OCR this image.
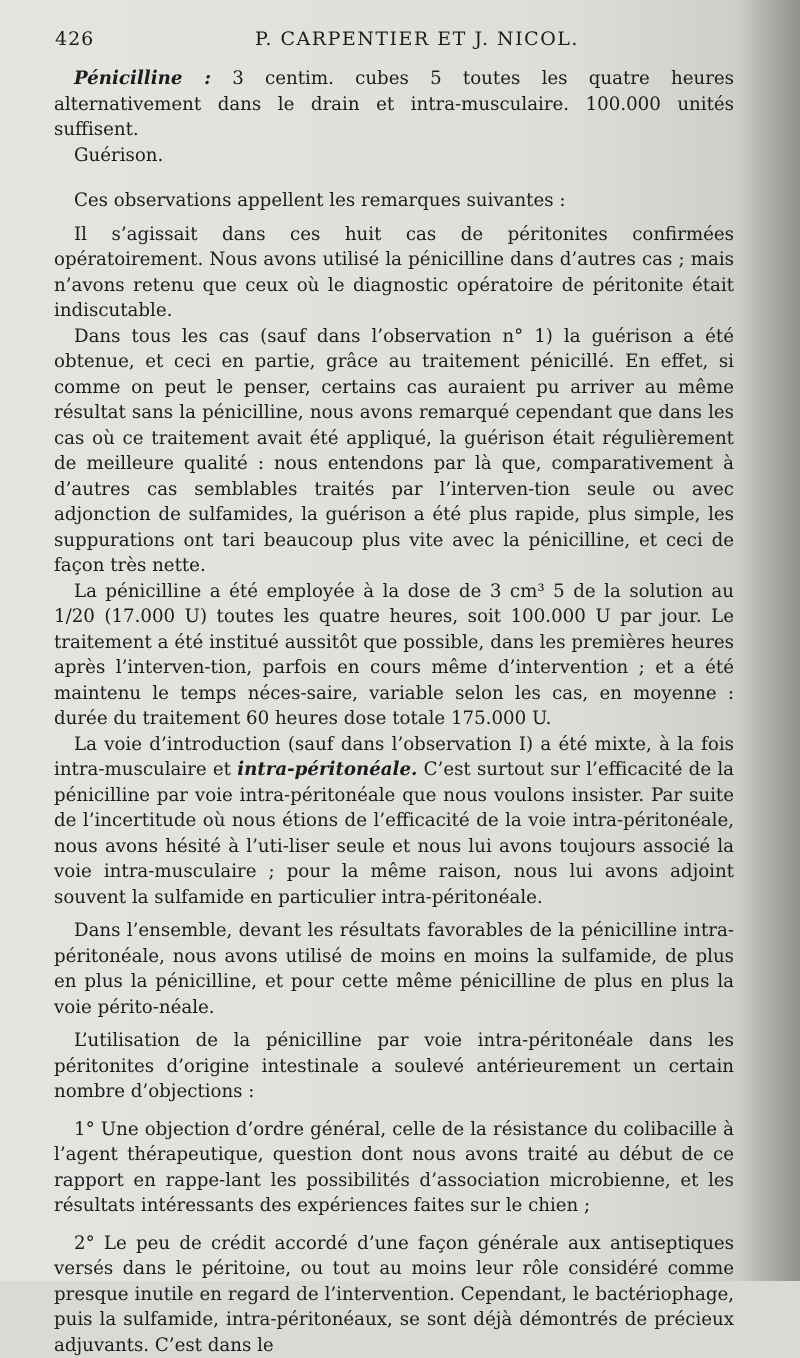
426	P. CARPENTIER ET J. NICOL.

Pénicilline : 3 centim. cubes 5 toutes les quatre heures alternativement dans le drain et intra-musculaire. 100.000 unités suffisent.

Guérison.

Ces observations appellent les remarques suivantes :

Il s’agissait dans ces huit cas de péritonites confirmées opératoirement. Nous avons utilisé la pénicilline dans d’autres cas ; mais n’avons retenu que ceux où le diagnostic opératoire de péritonite était indiscutable.

Dans tous les cas (sauf dans l’observation n° 1) la guérison a été obtenue, et ceci en partie, grâce au traitement pénicillé. En effet, si comme on peut le penser, certains cas auraient pu arriver au même résultat sans la pénicilline, nous avons remarqué cependant que dans les cas où ce traitement avait été appliqué, la guérison était régulièrement de meilleure qualité : nous entendons par là que, comparativement à d’autres cas semblables traités par l’interven-tion seule ou avec adjonction de sulfamides, la guérison a été plus rapide, plus simple, les suppurations ont tari beaucoup plus vite avec la pénicilline, et ceci de façon très nette.

La pénicilline a été employée à la dose de 3 cm³ 5 de la solution au 1/20 (17.000 U) toutes les quatre heures, soit 100.000 U par jour. Le traitement a été institué aussitôt que possible, dans les premières heures après l’interven-tion, parfois en cours même d’intervention ; et a été maintenu le temps néces-saire, variable selon les cas, en moyenne : durée du traitement 60 heures dose totale 175.000 U.

La voie d’introduction (sauf dans l’observation I) a été mixte, à la fois intra-musculaire et intra-péritonéale. C’est surtout sur l’efficacité de la pénicilline par voie intra-péritonéale que nous voulons insister. Par suite de l’incertitude où nous étions de l’efficacité de la voie intra-péritonéale, nous avons hésité à l’uti-liser seule et nous lui avons toujours associé la voie intra-musculaire ; pour la même raison, nous lui avons adjoint souvent la sulfamide en particulier intra-péritonéale.

Dans l’ensemble, devant les résultats favorables de la pénicilline intra-péritonéale, nous avons utilisé de moins en moins la sulfamide, de plus en plus la pénicilline, et pour cette même pénicilline de plus en plus la voie périto-néale.

L’utilisation de la pénicilline par voie intra-péritonéale dans les péritonites d’origine intestinale a soulevé antérieurement un certain nombre d’objections :

1° Une objection d’ordre général, celle de la résistance du colibacille à l’agent thérapeutique, question dont nous avons traité au début de ce rapport en rappe-lant les possibilités d’association microbienne, et les résultats intéressants des expériences faites sur le chien ;

2° Le peu de crédit accordé d’une façon générale aux antiseptiques versés dans le péritoine, ou tout au moins leur rôle considéré comme presque inutile en regard de l’intervention. Cependant, le bactériophage, puis la sulfamide, intra-péritonéaux, se sont déjà démontrés de précieux adjuvants. C’est dans le
